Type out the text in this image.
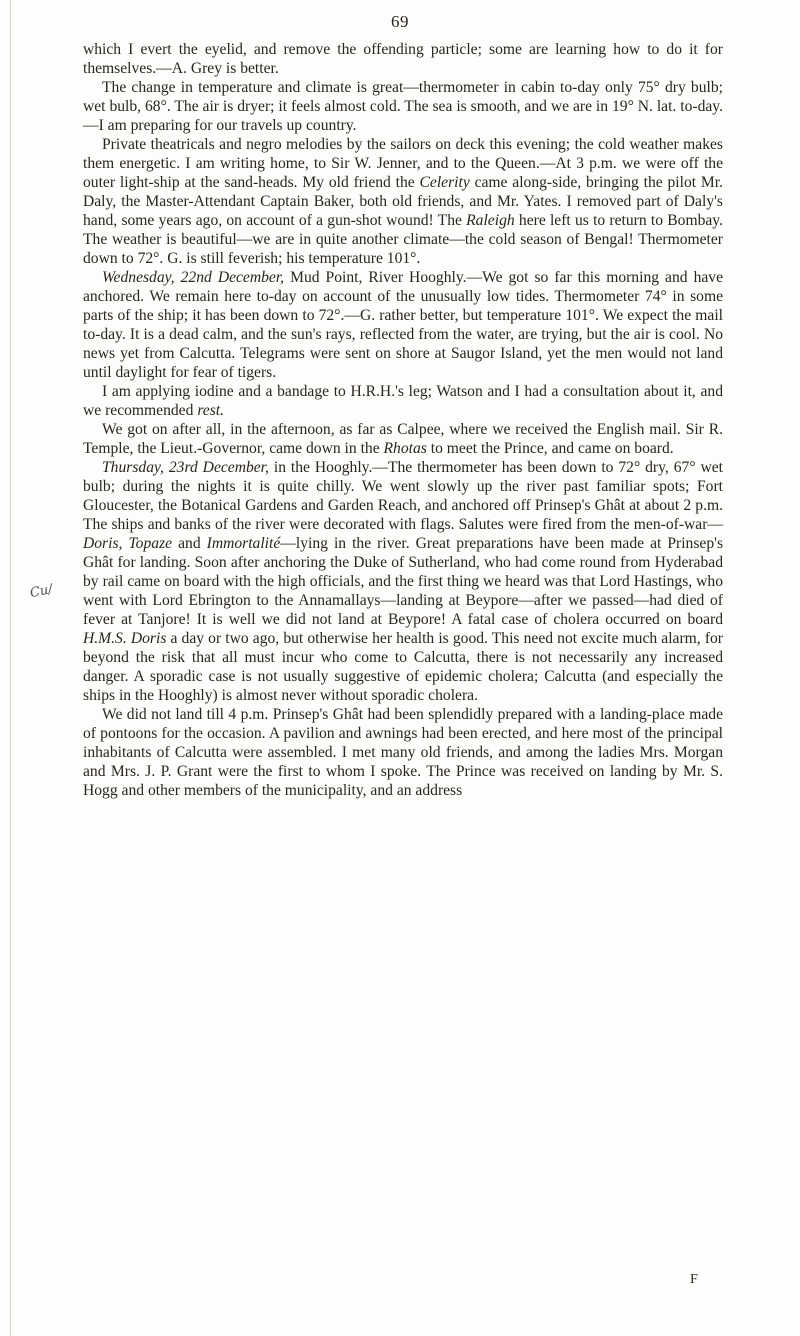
69
Cu/

which I evert the eyelid, and remove the offending particle; some are learning how to do it for themselves.—A. Grey is better.

The change in temperature and climate is great—thermometer in cabin to-day only 75° dry bulb; wet bulb, 68°. The air is dryer; it feels almost cold. The sea is smooth, and we are in 19° N. lat. to-day.—I am preparing for our travels up country.

Private theatricals and negro melodies by the sailors on deck this evening; the cold weather makes them energetic. I am writing home, to Sir W. Jenner, and to the Queen.—At 3 p.m. we were off the outer light-ship at the sand-heads. My old friend the Celerity came along-side, bringing the pilot Mr. Daly, the Master-Attendant Captain Baker, both old friends, and Mr. Yates. I removed part of Daly's hand, some years ago, on account of a gun-shot wound! The Raleigh here left us to return to Bombay. The weather is beautiful—we are in quite another climate—the cold season of Bengal! Thermometer down to 72°. G. is still feverish; his temperature 101°.

Wednesday, 22nd December, Mud Point, River Hooghly.—We got so far this morning and have anchored. We remain here to-day on account of the unusually low tides. Thermometer 74° in some parts of the ship; it has been down to 72°.—G. rather better, but temperature 101°. We expect the mail to-day. It is a dead calm, and the sun's rays, reflected from the water, are trying, but the air is cool. No news yet from Calcutta. Telegrams were sent on shore at Saugor Island, yet the men would not land until daylight for fear of tigers.

I am applying iodine and a bandage to H.R.H.'s leg; Watson and I had a consultation about it, and we recommended rest.

We got on after all, in the afternoon, as far as Calpee, where we received the English mail. Sir R. Temple, the Lieut.-Governor, came down in the Rhotas to meet the Prince, and came on board.

Thursday, 23rd December, in the Hooghly.—The thermometer has been down to 72° dry, 67° wet bulb; during the nights it is quite chilly. We went slowly up the river past familiar spots; Fort Gloucester, the Botanical Gardens and Garden Reach, and anchored off Prinsep's Ghât at about 2 p.m. The ships and banks of the river were decorated with flags. Salutes were fired from the men-of-war—Doris, Topaze and Immortalité—lying in the river. Great preparations have been made at Prinsep's Ghât for landing. Soon after anchoring the Duke of Sutherland, who had come round from Hyderabad by rail came on board with the high officials, and the first thing we heard was that Lord Hastings, who went with Lord Ebrington to the Annamallays—landing at Beypore—after we passed—had died of fever at Tanjore! It is well we did not land at Beypore! A fatal case of cholera occurred on board H.M.S. Doris a day or two ago, but otherwise her health is good. This need not excite much alarm, for beyond the risk that all must incur who come to Calcutta, there is not necessarily any increased danger. A sporadic case is not usually suggestive of epidemic cholera; Calcutta (and especially the ships in the Hooghly) is almost never without sporadic cholera.

We did not land till 4 p.m. Prinsep's Ghât had been splendidly prepared with a landing-place made of pontoons for the occasion. A pavilion and awnings had been erected, and here most of the principal inhabitants of Calcutta were assembled. I met many old friends, and among the ladies Mrs. Morgan and Mrs. J. P. Grant were the first to whom I spoke. The Prince was received on landing by Mr. S. Hogg and other members of the municipality, and an address

F
